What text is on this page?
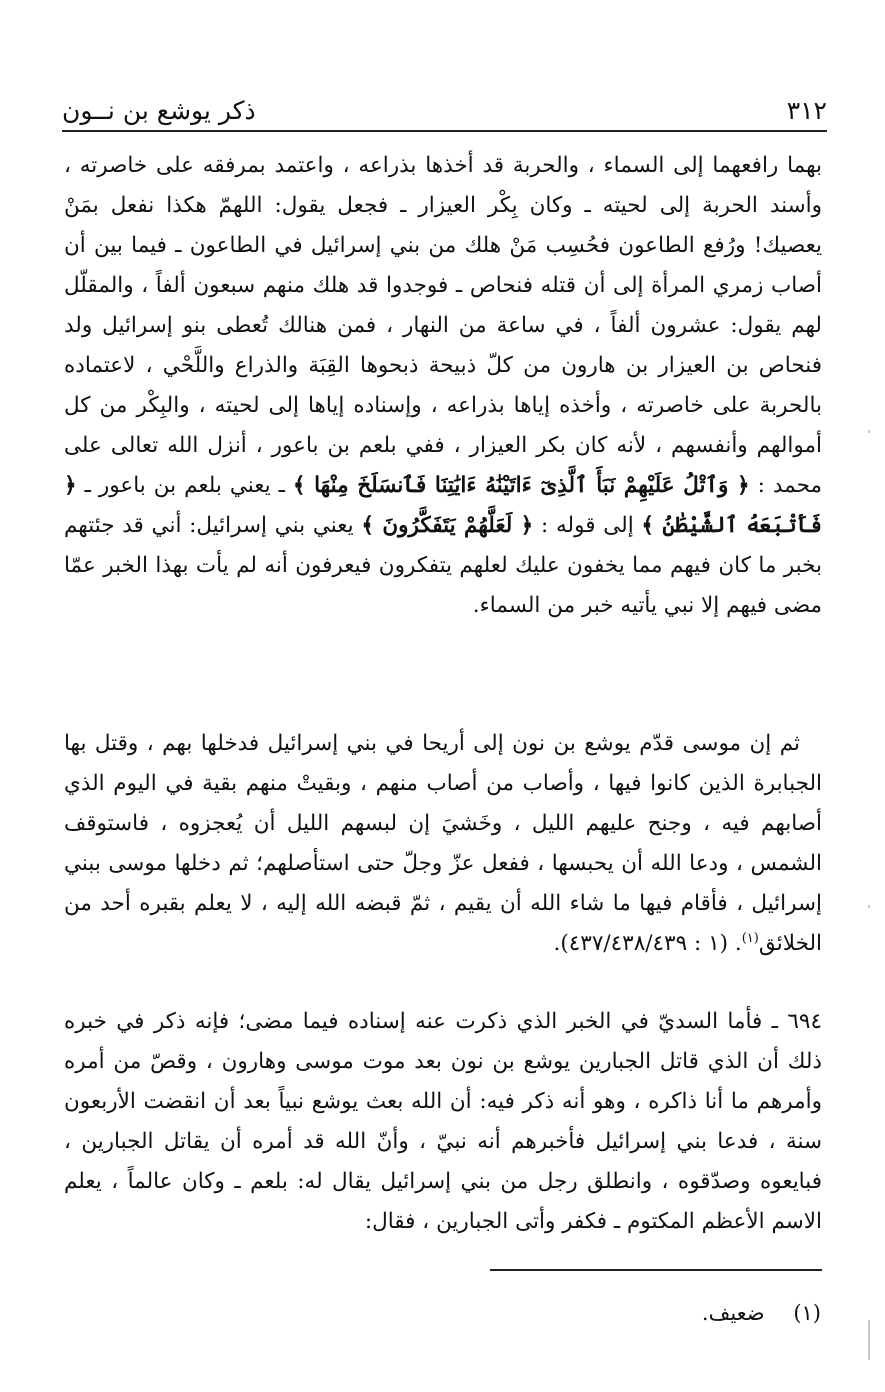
٣١٢
ذكر يوشع بن نــون
بهما رافعهما إلى السماء ، والحربة قد أخذها بذراعه ، واعتمد بمرفقه على خاصرته ، وأسند الحربة إلى لحيته ـ وكان بِكْر العيزار ـ فجعل يقول: اللهمّ هكذا نفعل بمَنْ يعصيك! ورُفع الطاعون فحُسِب مَنْ هلك من بني إسرائيل في الطاعون ـ فيما بين أن أصاب زمري المرأة إلى أن قتله فنحاص ـ فوجدوا قد هلك منهم سبعون ألفاً ، والمقلّل لهم يقول: عشرون ألفاً ، في ساعة من النهار ، فمن هنالك تُعطى بنو إسرائيل ولد فنحاص بن العيزار بن هارون من كلّ ذبيحة ذبحوها القِبَة والذراع واللَّحْي ، لاعتماده بالحربة على خاصرته ، وأخذه إياها بذراعه ، وإسناده إياها إلى لحيته ، والبِكْر من كل أموالهم وأنفسهم ، لأنه كان بكر العيزار ، ففي بلعم بن باعور ، أنزل الله تعالى على محمد : ﴿ وَٱتْلُ عَلَيْهِمْ نَبَأَ ٱلَّذِىٓ ءَاتَيْنَٰهُ ءَايَٰتِنَا فَٱنسَلَخَ مِنْهَا ﴾ ـ يعني بلعم بن باعور ـ ﴿ فَأَتْبَعَهُ ٱلشَّيْطَٰنُ ﴾ إلى قوله : ﴿ لَعَلَّهُمْ يَتَفَكَّرُونَ ﴾ يعني بني إسرائيل: أني قد جئتهم بخبر ما كان فيهم مما يخفون عليك لعلهم يتفكرون فيعرفون أنه لم يأت بهذا الخبر عمّا مضى فيهم إلا نبي يأتيه خبر من السماء.
ثم إن موسى قدّم يوشع بن نون إلى أريحا في بني إسرائيل فدخلها بهم ، وقتل بها الجبابرة الذين كانوا فيها ، وأصاب من أصاب منهم ، وبقيتْ منهم بقية في اليوم الذي أصابهم فيه ، وجنح عليهم الليل ، وخَشيَ إن لبسهم الليل أن يُعجزوه ، فاستوقف الشمس ، ودعا الله أن يحبسها ، ففعل عزّ وجلّ حتى استأصلهم؛ ثم دخلها موسى ببني إسرائيل ، فأقام فيها ما شاء الله أن يقيم ، ثمّ قبضه الله إليه ، لا يعلم بقبره أحد من الخلائق$^{(١)}$. (١ : ٤٣٧/٤٣٨/٤٣٩).
٦٩٤ ـ فأما السديّ في الخبر الذي ذكرت عنه إسناده فيما مضى؛ فإنه ذكر في خبره ذلك أن الذي قاتل الجبارين يوشع بن نون بعد موت موسى وهارون ، وقصّ من أمره وأمرهم ما أنا ذاكره ، وهو أنه ذكر فيه: أن الله بعث يوشع نبياً بعد أن انقضت الأربعون سنة ، فدعا بني إسرائيل فأخبرهم أنه نبيّ ، وأنّ الله قد أمره أن يقاتل الجبارين ، فبايعوه وصدّقوه ، وانطلق رجل من بني إسرائيل يقال له: بلعم ـ وكان عالماً ، يعلم الاسم الأعظم المكتوم ـ فكفر وأتى الجبارين ، فقال:
(١) ضعيف.
